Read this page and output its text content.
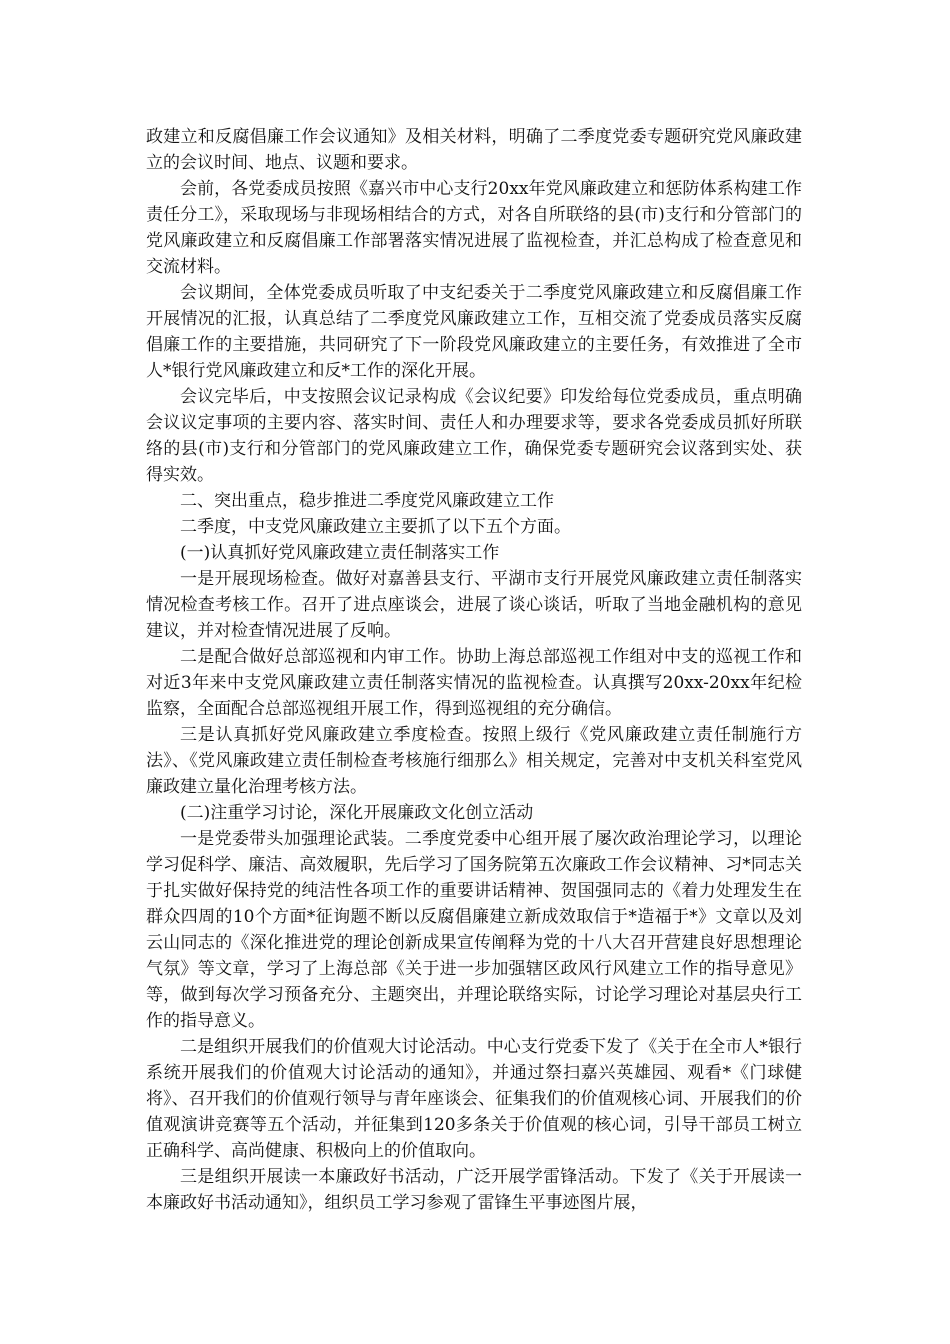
政建立和反腐倡廉工作会议通知》及相关材料，明确了二季度党委专题研究党风廉政建立的会议时间、地点、议题和要求。

会前，各党委成员按照《嘉兴市中心支行20xx年党风廉政建立和惩防体系构建工作责任分工》，采取现场与非现场相结合的方式，对各自所联络的县(市)支行和分管部门的党风廉政建立和反腐倡廉工作部署落实情况进展了监视检查，并汇总构成了检查意见和交流材料。

会议期间，全体党委成员听取了中支纪委关于二季度党风廉政建立和反腐倡廉工作开展情况的汇报，认真总结了二季度党风廉政建立工作，互相交流了党委成员落实反腐倡廉工作的主要措施，共同研究了下一阶段党风廉政建立的主要任务，有效推进了全市人*银行党风廉政建立和反*工作的深化开展。

会议完毕后，中支按照会议记录构成《会议纪要》印发给每位党委成员，重点明确会议议定事项的主要内容、落实时间、责任人和办理要求等，要求各党委成员抓好所联络的县(市)支行和分管部门的党风廉政建立工作，确保党委专题研究会议落到实处、获得实效。

二、突出重点，稳步推进二季度党风廉政建立工作

二季度，中支党风廉政建立主要抓了以下五个方面。

(一)认真抓好党风廉政建立责任制落实工作

一是开展现场检查。做好对嘉善县支行、平湖市支行开展党风廉政建立责任制落实情况检查考核工作。召开了进点座谈会，进展了谈心谈话，听取了当地金融机构的意见建议，并对检查情况进展了反响。

二是配合做好总部巡视和内审工作。协助上海总部巡视工作组对中支的巡视工作和对近3年来中支党风廉政建立责任制落实情况的监视检查。认真撰写20xx-20xx年纪检监察，全面配合总部巡视组开展工作，得到巡视组的充分确信。

三是认真抓好党风廉政建立季度检查。按照上级行《党风廉政建立责任制施行方法》、《党风廉政建立责任制检查考核施行细那么》相关规定，完善对中支机关科室党风廉政建立量化治理考核方法。

(二)注重学习讨论，深化开展廉政文化创立活动

一是党委带头加强理论武装。二季度党委中心组开展了屡次政治理论学习，以理论学习促科学、廉洁、高效履职，先后学习了国务院第五次廉政工作会议精神、习*同志关于扎实做好保持党的纯洁性各项工作的重要讲话精神、贺国强同志的《着力处理发生在群众四周的10个方面*征询题不断以反腐倡廉建立新成效取信于*造福于*》文章以及刘云山同志的《深化推进党的理论创新成果宣传阐释为党的十八大召开营建良好思想理论气氛》等文章，学习了上海总部《关于进一步加强辖区政风行风建立工作的指导意见》等，做到每次学习预备充分、主题突出，并理论联络实际，讨论学习理论对基层央行工作的指导意义。

二是组织开展我们的价值观大讨论活动。中心支行党委下发了《关于在全市人*银行系统开展我们的价值观大讨论活动的通知》，并通过祭扫嘉兴英雄园、观看*《门球健将》、召开我们的价值观行领导与青年座谈会、征集我们的价值观核心词、开展我们的价值观演讲竞赛等五个活动，并征集到120多条关于价值观的核心词，引导干部员工树立正确科学、高尚健康、积极向上的价值取向。

三是组织开展读一本廉政好书活动，广泛开展学雷锋活动。下发了《关于开展读一本廉政好书活动通知》，组织员工学习参观了雷锋生平事迹图片展，
